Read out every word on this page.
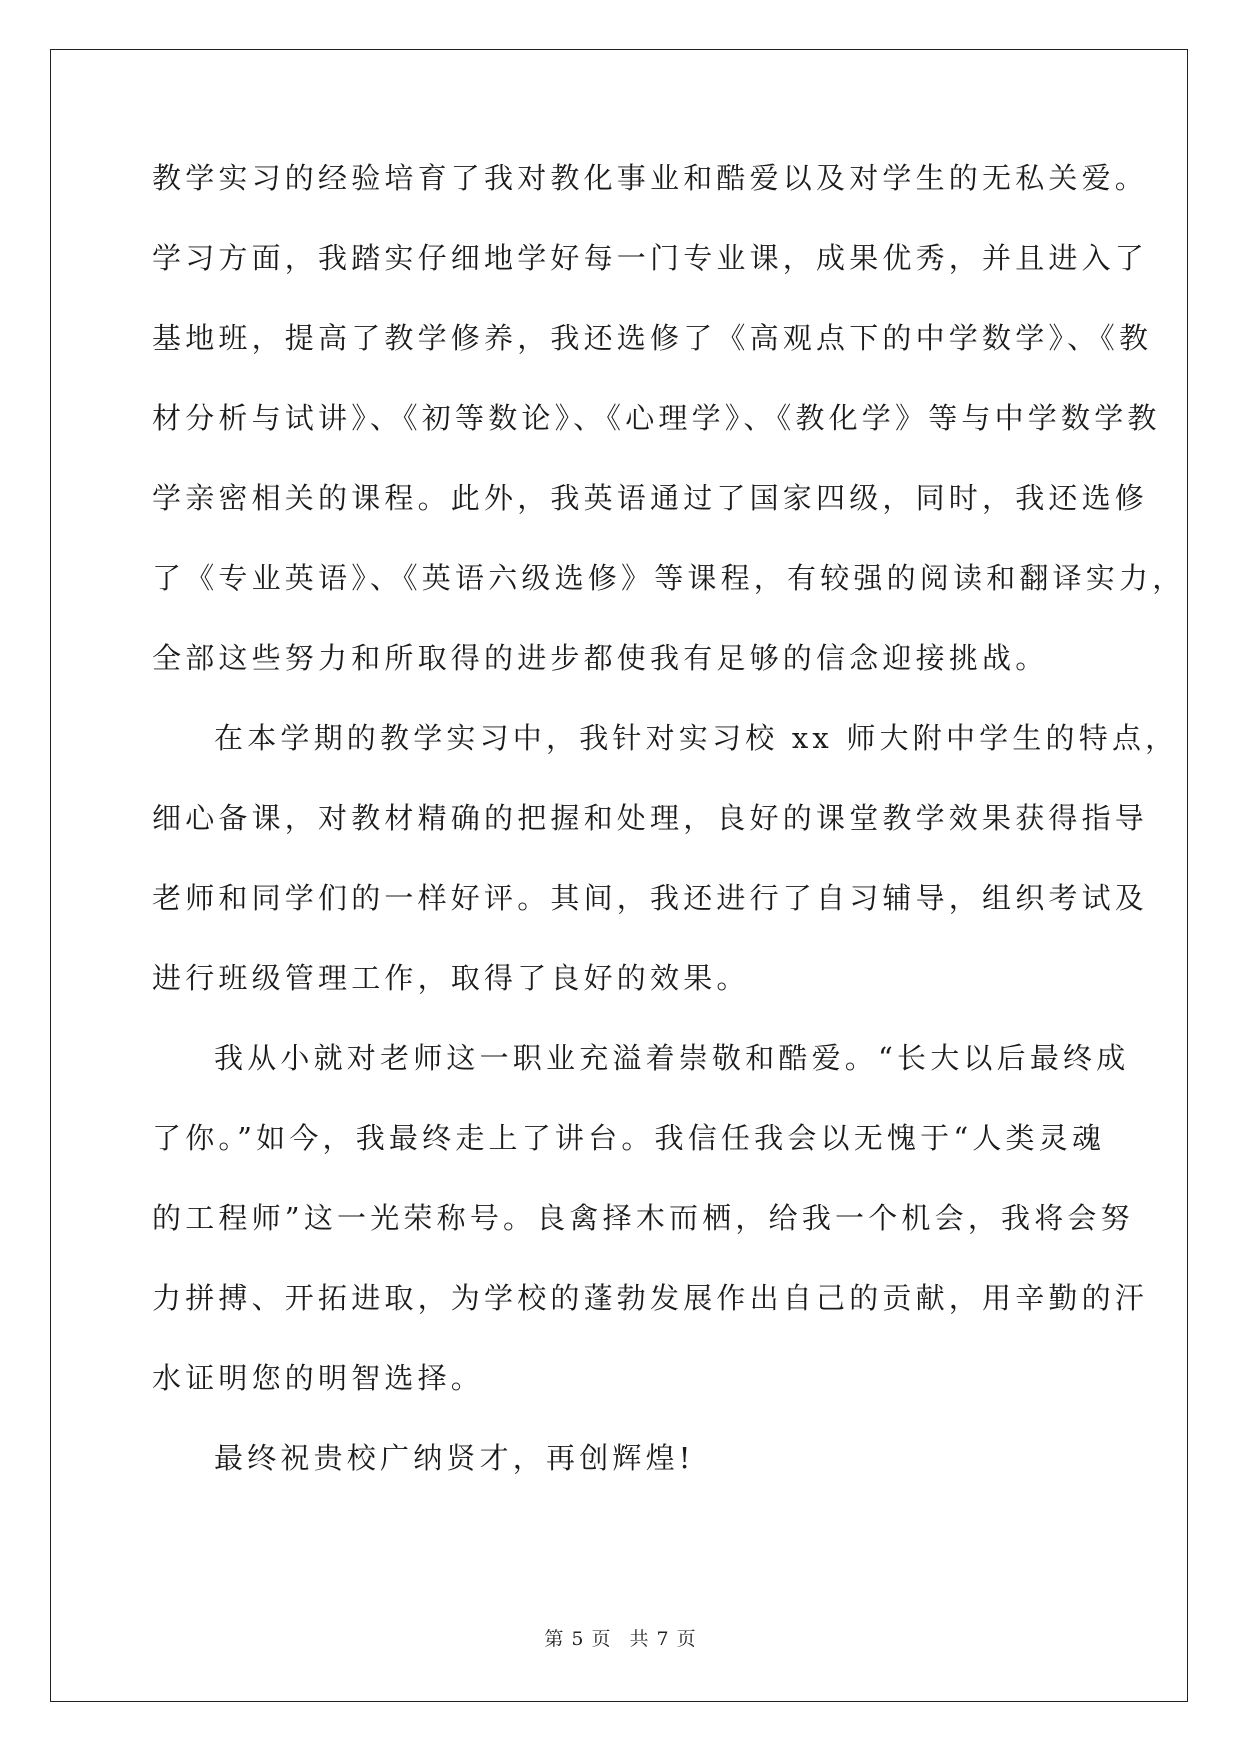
教学实习的经验培育了我对教化事业和酷爱以及对学生的无私关爱。
学习方面，我踏实仔细地学好每一门专业课，成果优秀，并且进入了
基地班，提高了教学修养，我还选修了《高观点下的中学数学》、《教
材分析与试讲》、《初等数论》、《心理学》、《教化学》等与中学数学教
学亲密相关的课程。此外，我英语通过了国家四级，同时，我还选修
了《专业英语》、《英语六级选修》等课程，有较强的阅读和翻译实力，
全部这些努力和所取得的进步都使我有足够的信念迎接挑战。
在本学期的教学实习中，我针对实习校 xx 师大附中学生的特点，
细心备课，对教材精确的把握和处理，良好的课堂教学效果获得指导
老师和同学们的一样好评。其间，我还进行了自习辅导，组织考试及
进行班级管理工作，取得了良好的效果。
我从小就对老师这一职业充溢着崇敬和酷爱。“长大以后最终成
了你。”如今，我最终走上了讲台。我信任我会以无愧于“人类灵魂
的工程师”这一光荣称号。良禽择木而栖，给我一个机会，我将会努
力拼搏、开拓进取，为学校的蓬勃发展作出自己的贡献，用辛勤的汗
水证明您的明智选择。
最终祝贵校广纳贤才，再创辉煌!
第 5 页 共 7 页
